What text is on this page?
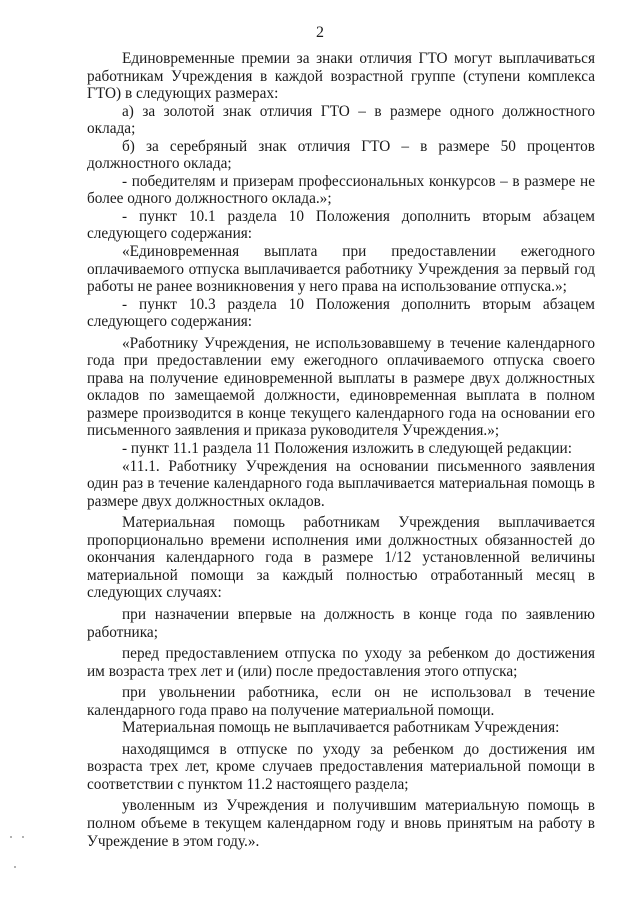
2

Единовременные премии за знаки отличия ГТО могут выплачиваться работникам Учреждения в каждой возрастной группе (ступени комплекса ГТО) в следующих размерах:

а) за золотой знак отличия ГТО – в размере одного должностного оклада;

б) за серебряный знак отличия ГТО – в размере 50 процентов должностного оклада;

- победителям и призерам профессиональных конкурсов – в размере не более одного должностного оклада.»;

- пункт 10.1 раздела 10 Положения дополнить вторым абзацем следующего содержания:

«Единовременная выплата при предоставлении ежегодного оплачиваемого отпуска выплачивается работнику Учреждения за первый год работы не ранее возникновения у него права на использование отпуска.»;

- пункт 10.3 раздела 10 Положения дополнить вторым абзацем следующего содержания:

«Работнику Учреждения, не использовавшему в течение календарного года при предоставлении ему ежегодного оплачиваемого отпуска своего права на получение единовременной выплаты в размере двух должностных окладов по замещаемой должности, единовременная выплата в полном размере производится в конце текущего календарного года на основании его письменного заявления и приказа руководителя Учреждения.»;

- пункт 11.1 раздела 11 Положения изложить в следующей редакции:

«11.1. Работнику Учреждения на основании письменного заявления один раз в течение календарного года выплачивается материальная помощь в размере двух должностных окладов.

Материальная помощь работникам Учреждения выплачивается пропорционально времени исполнения ими должностных обязанностей до окончания календарного года в размере 1/12 установленной величины материальной помощи за каждый полностью отработанный месяц в следующих случаях:

при назначении впервые на должность в конце года по заявлению работника;

перед предоставлением отпуска по уходу за ребенком до достижения им возраста трех лет и (или) после предоставления этого отпуска;

при увольнении работника, если он не использовал в течение календарного года право на получение материальной помощи.

Материальная помощь не выплачивается работникам Учреждения:

находящимся в отпуске по уходу за ребенком до достижения им возраста трех лет, кроме случаев предоставления материальной помощи в соответствии с пунктом 11.2 настоящего раздела;

уволенным из Учреждения и получившим материальную помощь в полном объеме в текущем календарном году и вновь принятым на работу в Учреждение в этом году.».
